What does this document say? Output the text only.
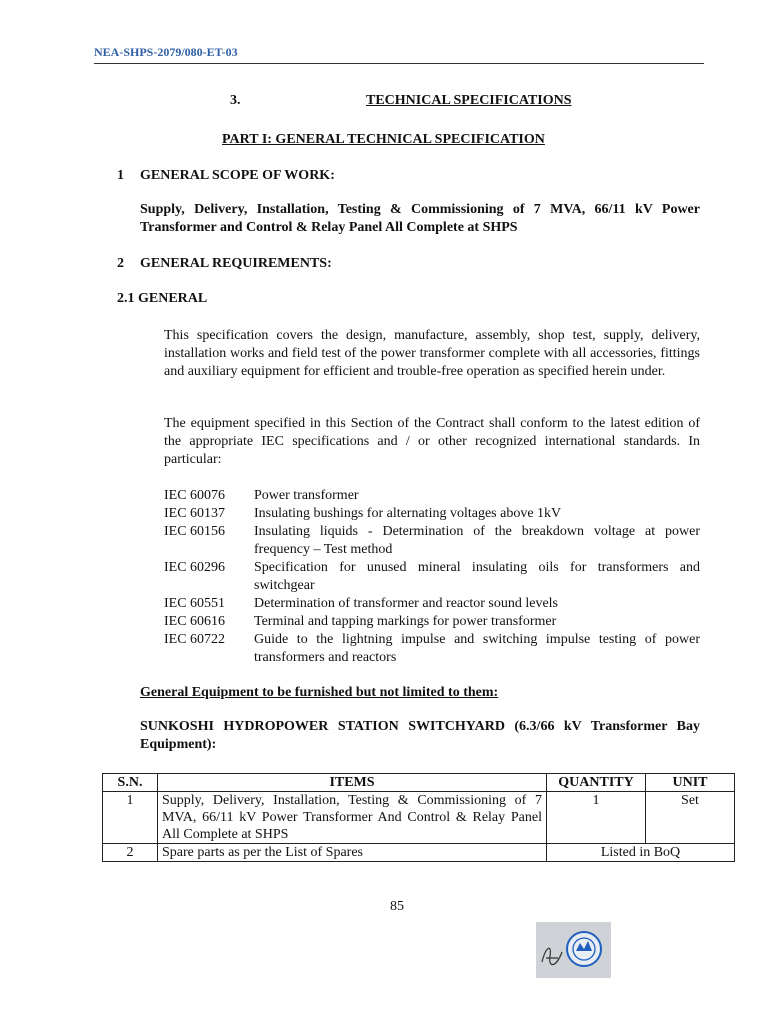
NEA-SHPS-2079/080-ET-03
3.	TECHNICAL SPECIFICATIONS
PART I: GENERAL TECHNICAL SPECIFICATION
1 GENERAL SCOPE OF WORK:
Supply, Delivery, Installation, Testing & Commissioning of 7 MVA, 66/11 kV Power Transformer and Control & Relay Panel All Complete at SHPS
2 GENERAL REQUIREMENTS:
2.1 GENERAL
This specification covers the design, manufacture, assembly, shop test, supply, delivery, installation works and field test of the power transformer complete with all accessories, fittings and auxiliary equipment for efficient and trouble-free operation as specified herein under.
The equipment specified in this Section of the Contract shall conform to the latest edition of the appropriate IEC specifications and / or other recognized international standards. In particular:
IEC 60076	Power transformer
IEC 60137	Insulating bushings for alternating voltages above 1kV
IEC 60156	Insulating liquids - Determination of the breakdown voltage at power frequency – Test method
IEC 60296	Specification for unused mineral insulating oils for transformers and switchgear
IEC 60551	Determination of transformer and reactor sound levels
IEC 60616	Terminal and tapping markings for power transformer
IEC 60722	Guide to the lightning impulse and switching impulse testing of power transformers and reactors
General Equipment to be furnished but not limited to them:
SUNKOSHI HYDROPOWER STATION SWITCHYARD (6.3/66 kV Transformer Bay Equipment):
S.N.	ITEMS	QUANTITY	UNIT
1	Supply, Delivery, Installation, Testing & Commissioning of 7 MVA, 66/11 kV Power Transformer And Control & Relay Panel All Complete at SHPS	1	Set
2	Spare parts as per the List of Spares	Listed in BoQ	
85
